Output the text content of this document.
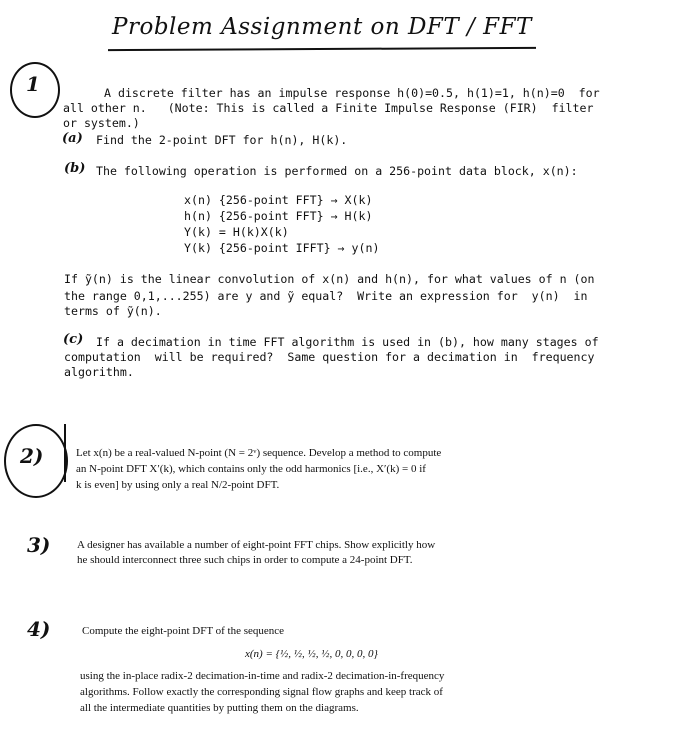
Problem Assignment on DFT / FFT
1	A discrete filter has an impulse response h(0)=0.5, h(1)=1, h(n)=0  for
all other n.   (Note: This is called a Finite Impulse Response (FIR)  filter
or system.)
(a) Find the 2-point DFT for h(n), H(k).
(b) The following operation is performed on a 256-point data block, x(n):
x(n) {256-point FFT} → X(k)
h(n) {256-point FFT} → H(k)
Y(k) = H(k)X(k)
Y(k) {256-point IFFT} → y(n)
If ỹ(n) is the linear convolution of x(n) and h(n), for what values of n (on
the range 0,1,...255) are y and ỹ equal?  Write an expression for  y(n)  in
terms of ỹ(n).
(c) If a decimation in time FFT algorithm is used in (b), how many stages of
computation  will be required?  Same question for a decimation in  frequency
algorithm.
2)	Let x(n) be a real-valued N-point (N = 2ᵛ) sequence. Develop a method to compute
an N-point DFT X′(k), which contains only the odd harmonics [i.e., X′(k) = 0 if
k is even] by using only a real N/2-point DFT.
3) A designer has available a number of eight-point FFT chips. Show explicitly how
he should interconnect three such chips in order to compute a 24-point DFT.
4)	Compute the eight-point DFT of the sequence
x(n) = {½, ½, ½, ½, 0, 0, 0, 0}
using the in-place radix-2 decimation-in-time and radix-2 decimation-in-frequency
algorithms. Follow exactly the corresponding signal flow graphs and keep track of
all the intermediate quantities by putting them on the diagrams.
